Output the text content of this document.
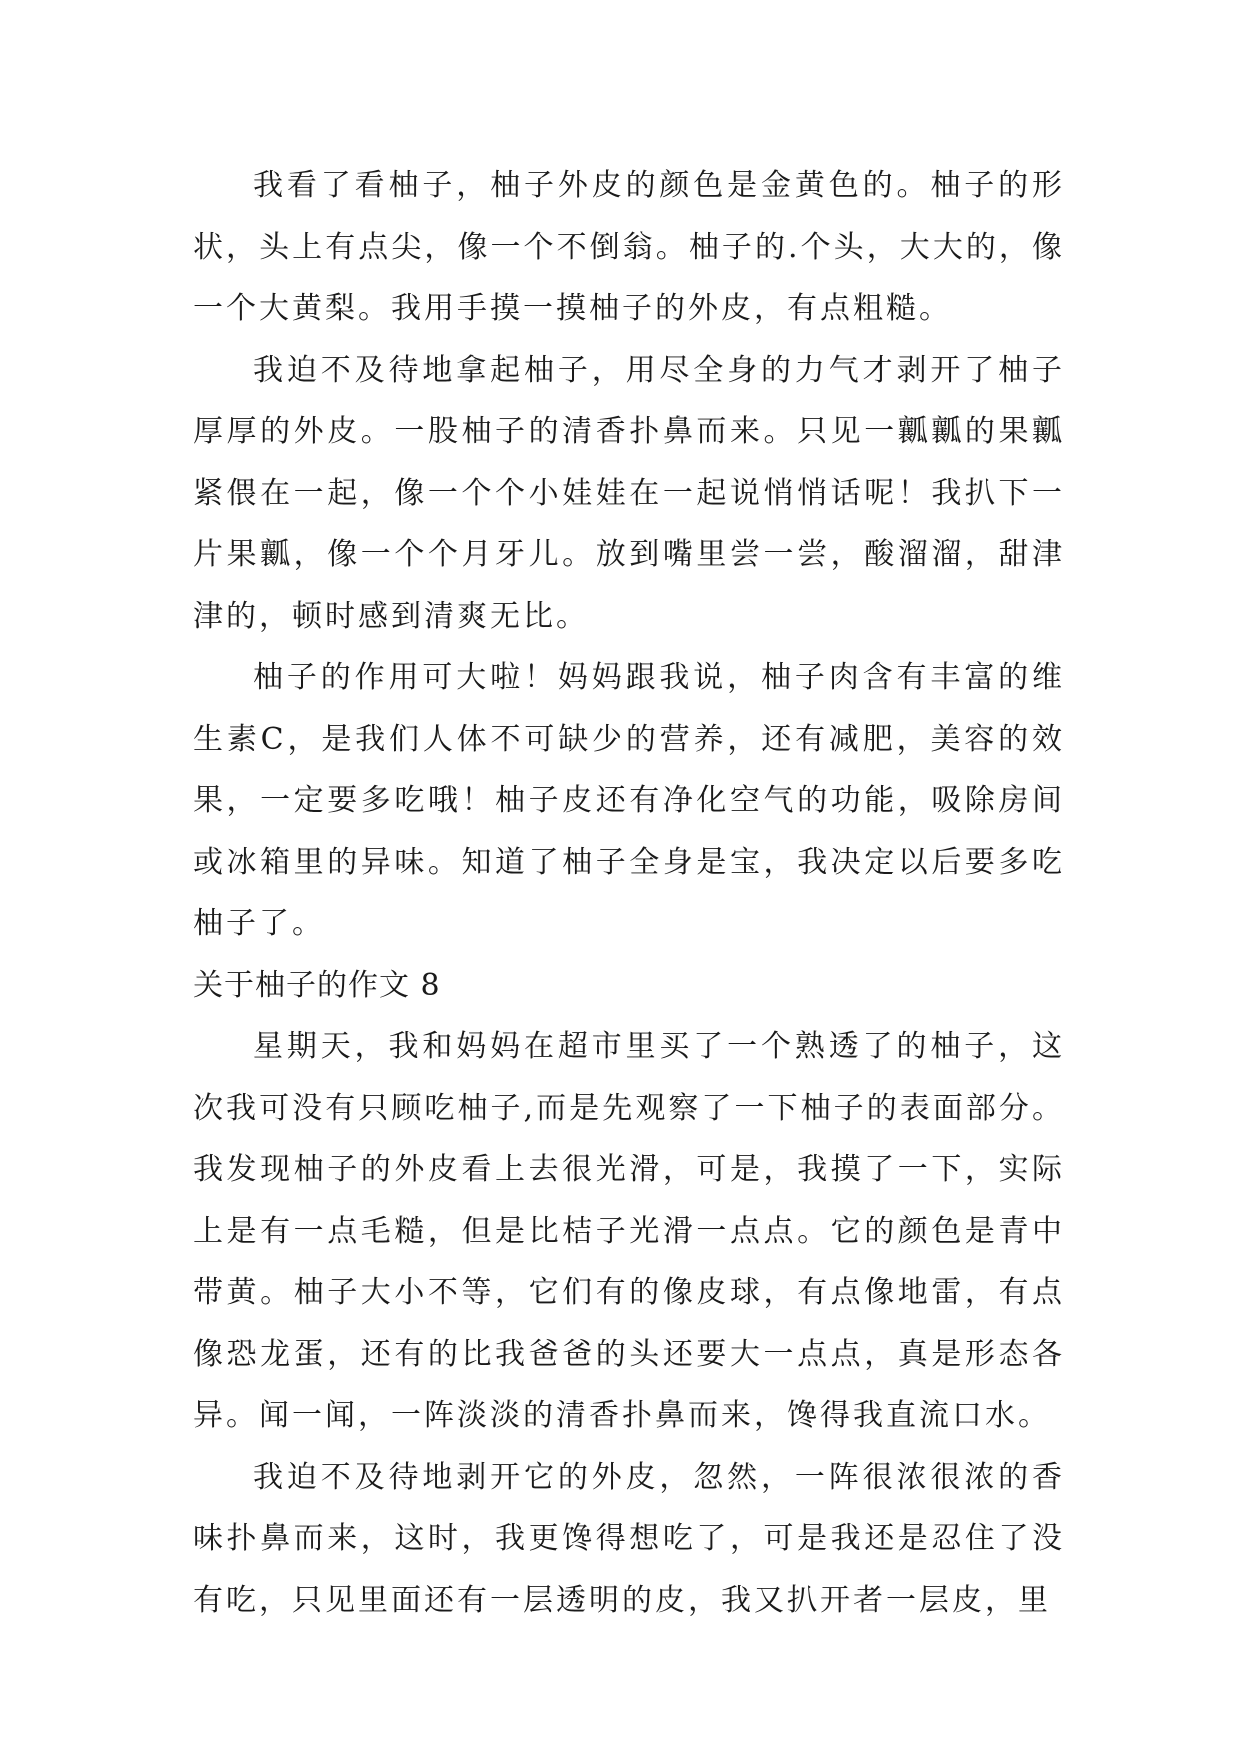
我看了看柚子，柚子外皮的颜色是金黄色的。柚子的形状，头上有点尖，像一个不倒翁。柚子的.个头，大大的，像一个大黄梨。我用手摸一摸柚子的外皮，有点粗糙。

我迫不及待地拿起柚子，用尽全身的力气才剥开了柚子厚厚的外皮。一股柚子的清香扑鼻而来。只见一瓤瓤的果瓤紧偎在一起，像一个个小娃娃在一起说悄悄话呢！我扒下一片果瓤，像一个个月牙儿。放到嘴里尝一尝，酸溜溜，甜津津的，顿时感到清爽无比。

柚子的作用可大啦！妈妈跟我说，柚子肉含有丰富的维生素C，是我们人体不可缺少的营养，还有减肥，美容的效果，一定要多吃哦！柚子皮还有净化空气的功能，吸除房间或冰箱里的异味。知道了柚子全身是宝，我决定以后要多吃柚子了。

关于柚子的作文 8

星期天，我和妈妈在超市里买了一个熟透了的柚子，这次我可没有只顾吃柚子,而是先观察了一下柚子的表面部分。我发现柚子的外皮看上去很光滑，可是，我摸了一下，实际上是有一点毛糙，但是比桔子光滑一点点。它的颜色是青中带黄。柚子大小不等，它们有的像皮球，有点像地雷，有点像恐龙蛋，还有的比我爸爸的头还要大一点点，真是形态各异。闻一闻，一阵淡淡的清香扑鼻而来，馋得我直流口水。

我迫不及待地剥开它的外皮，忽然，一阵很浓很浓的香味扑鼻而来，这时，我更馋得想吃了，可是我还是忍住了没有吃，只见里面还有一层透明的皮，我又扒开者一层皮，里
